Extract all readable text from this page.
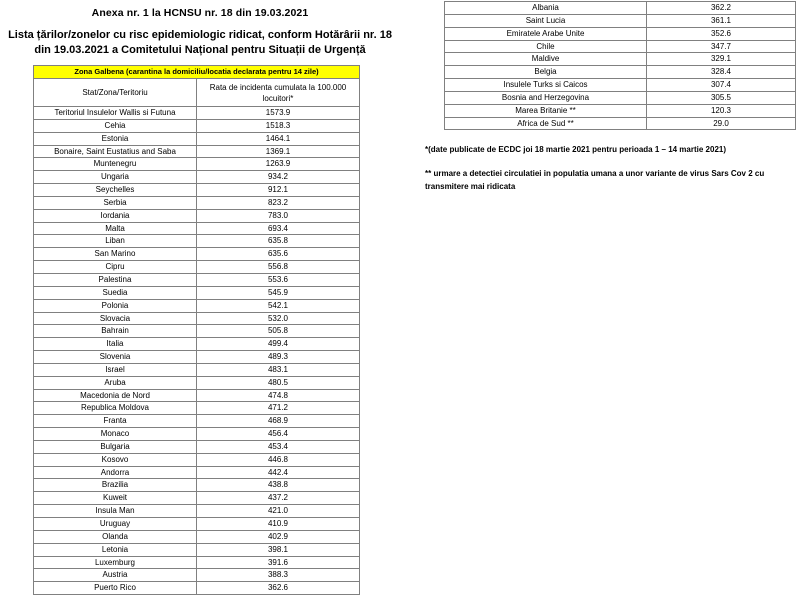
Anexa nr. 1 la HCNSU nr. 18 din 19.03.2021
Lista țărilor/zonelor cu risc epidemiologic ridicat, conform Hotărârii nr. 18
din 19.03.2021 a Comitetului Național pentru Situații de Urgență
Zona Galbena (carantina la domiciliu/locatia declarata pentru 14 zile)	
Stat/Zona/Teritoriu	Rata de incidenta cumulata la 100.000 locuitori*
Teritoriul Insulelor Wallis si Futuna	1573.9
Cehia	1518.3
Estonia	1464.1
Bonaire, Saint Eustatius and Saba	1369.1
Muntenegru	1263.9
Ungaria	934.2
Seychelles	912.1
Serbia	823.2
Iordania	783.0
Malta	693.4
Liban	635.8
San Marino	635.6
Cipru	556.8
Palestina	553.6
Suedia	545.9
Polonia	542.1
Slovacia	532.0
Bahrain	505.8
Italia	499.4
Slovenia	489.3
Israel	483.1
Aruba	480.5
Macedonia de Nord	474.8
Republica Moldova	471.2
Franta	468.9
Monaco	456.4
Bulgaria	453.4
Kosovo	446.8
Andorra	442.4
Brazilia	438.8
Kuweit	437.2
Insula Man	421.0
Uruguay	410.9
Olanda	402.9
Letonia	398.1
Luxemburg	391.6
Austria	388.3
Puerto Rico	362.6
Albania	362.2
Saint Lucia	361.1
Emiratele Arabe Unite	352.6
Chile	347.7
Maldive	329.1
Belgia	328.4
Insulele Turks si Caicos	307.4
Bosnia and Herzegovina	305.5
Marea Britanie **	120.3
Africa de Sud **	29.0
*(date publicate de ECDC joi 18 martie 2021 pentru perioada 1 – 14 martie 2021)
** urmare a detectiei circulatiei in populatia umana a unor variante de virus Sars Cov 2 cu transmitere mai ridicata
